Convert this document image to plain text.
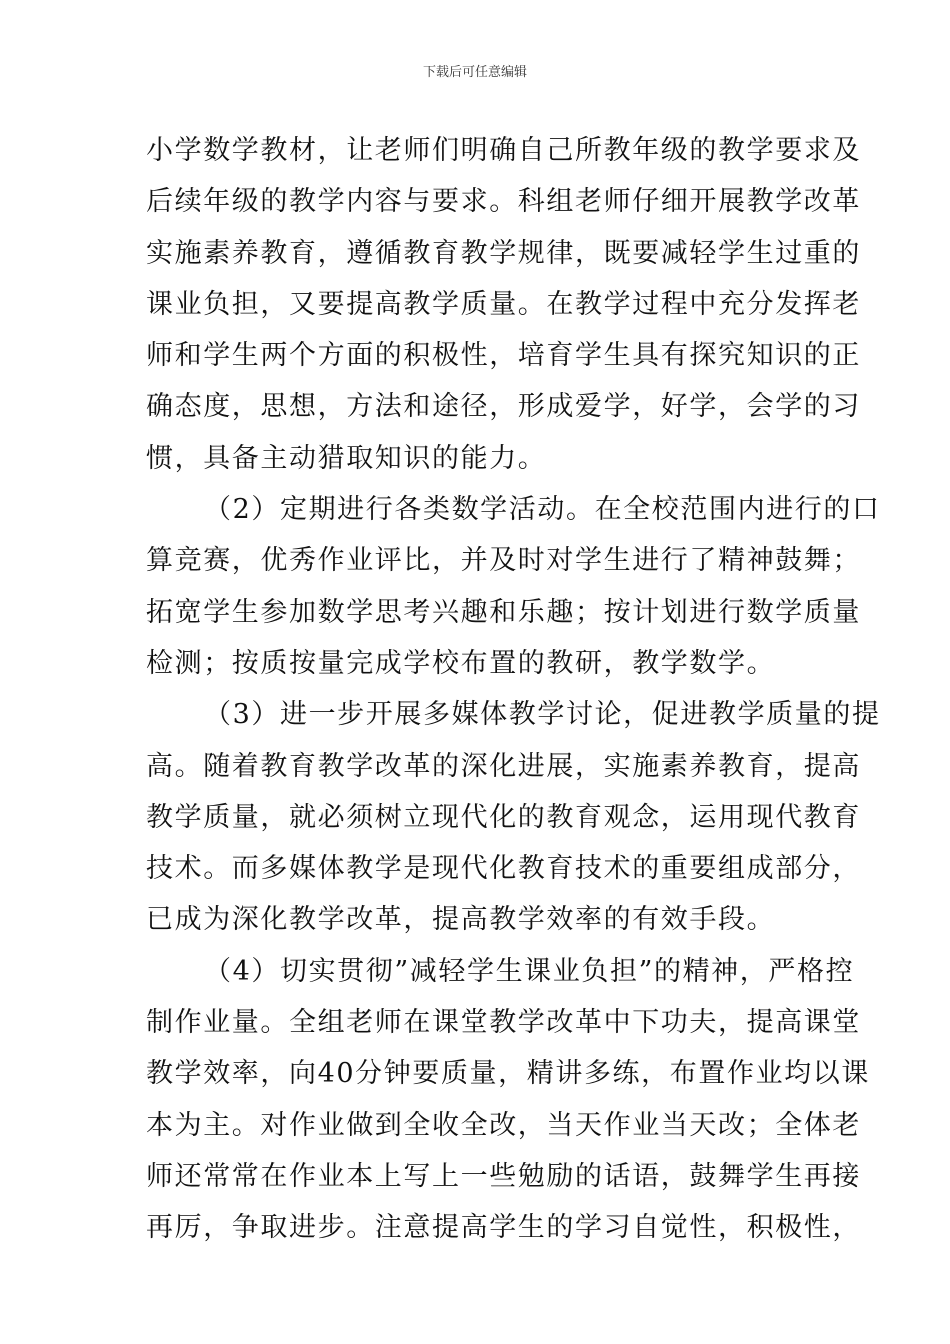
下载后可任意编辑
小学数学教材，让老师们明确自己所教年级的教学要求及
后续年级的教学内容与要求。科组老师仔细开展教学改革
实施素养教育，遵循教育教学规律，既要减轻学生过重的
课业负担，又要提高教学质量。在教学过程中充分发挥老
师和学生两个方面的积极性，培育学生具有探究知识的正
确态度，思想，方法和途径，形成爱学，好学，会学的习
惯，具备主动猎取知识的能力。
（2）定期进行各类数学活动。在全校范围内进行的口
算竞赛，优秀作业评比，并及时对学生进行了精神鼓舞；
拓宽学生参加数学思考兴趣和乐趣；按计划进行数学质量
检测；按质按量完成学校布置的教研，教学数学。
（3）进一步开展多媒体教学讨论，促进教学质量的提
高。随着教育教学改革的深化进展，实施素养教育，提高
教学质量，就必须树立现代化的教育观念，运用现代教育
技术。而多媒体教学是现代化教育技术的重要组成部分，
已成为深化教学改革，提高教学效率的有效手段。
（4）切实贯彻”减轻学生课业负担”的精神，严格控
制作业量。全组老师在课堂教学改革中下功夫，提高课堂
教学效率，向40分钟要质量，精讲多练，布置作业均以课
本为主。对作业做到全收全改，当天作业当天改；全体老
师还常常在作业本上写上一些勉励的话语，鼓舞学生再接
再厉，争取进步。注意提高学生的学习自觉性，积极性，
